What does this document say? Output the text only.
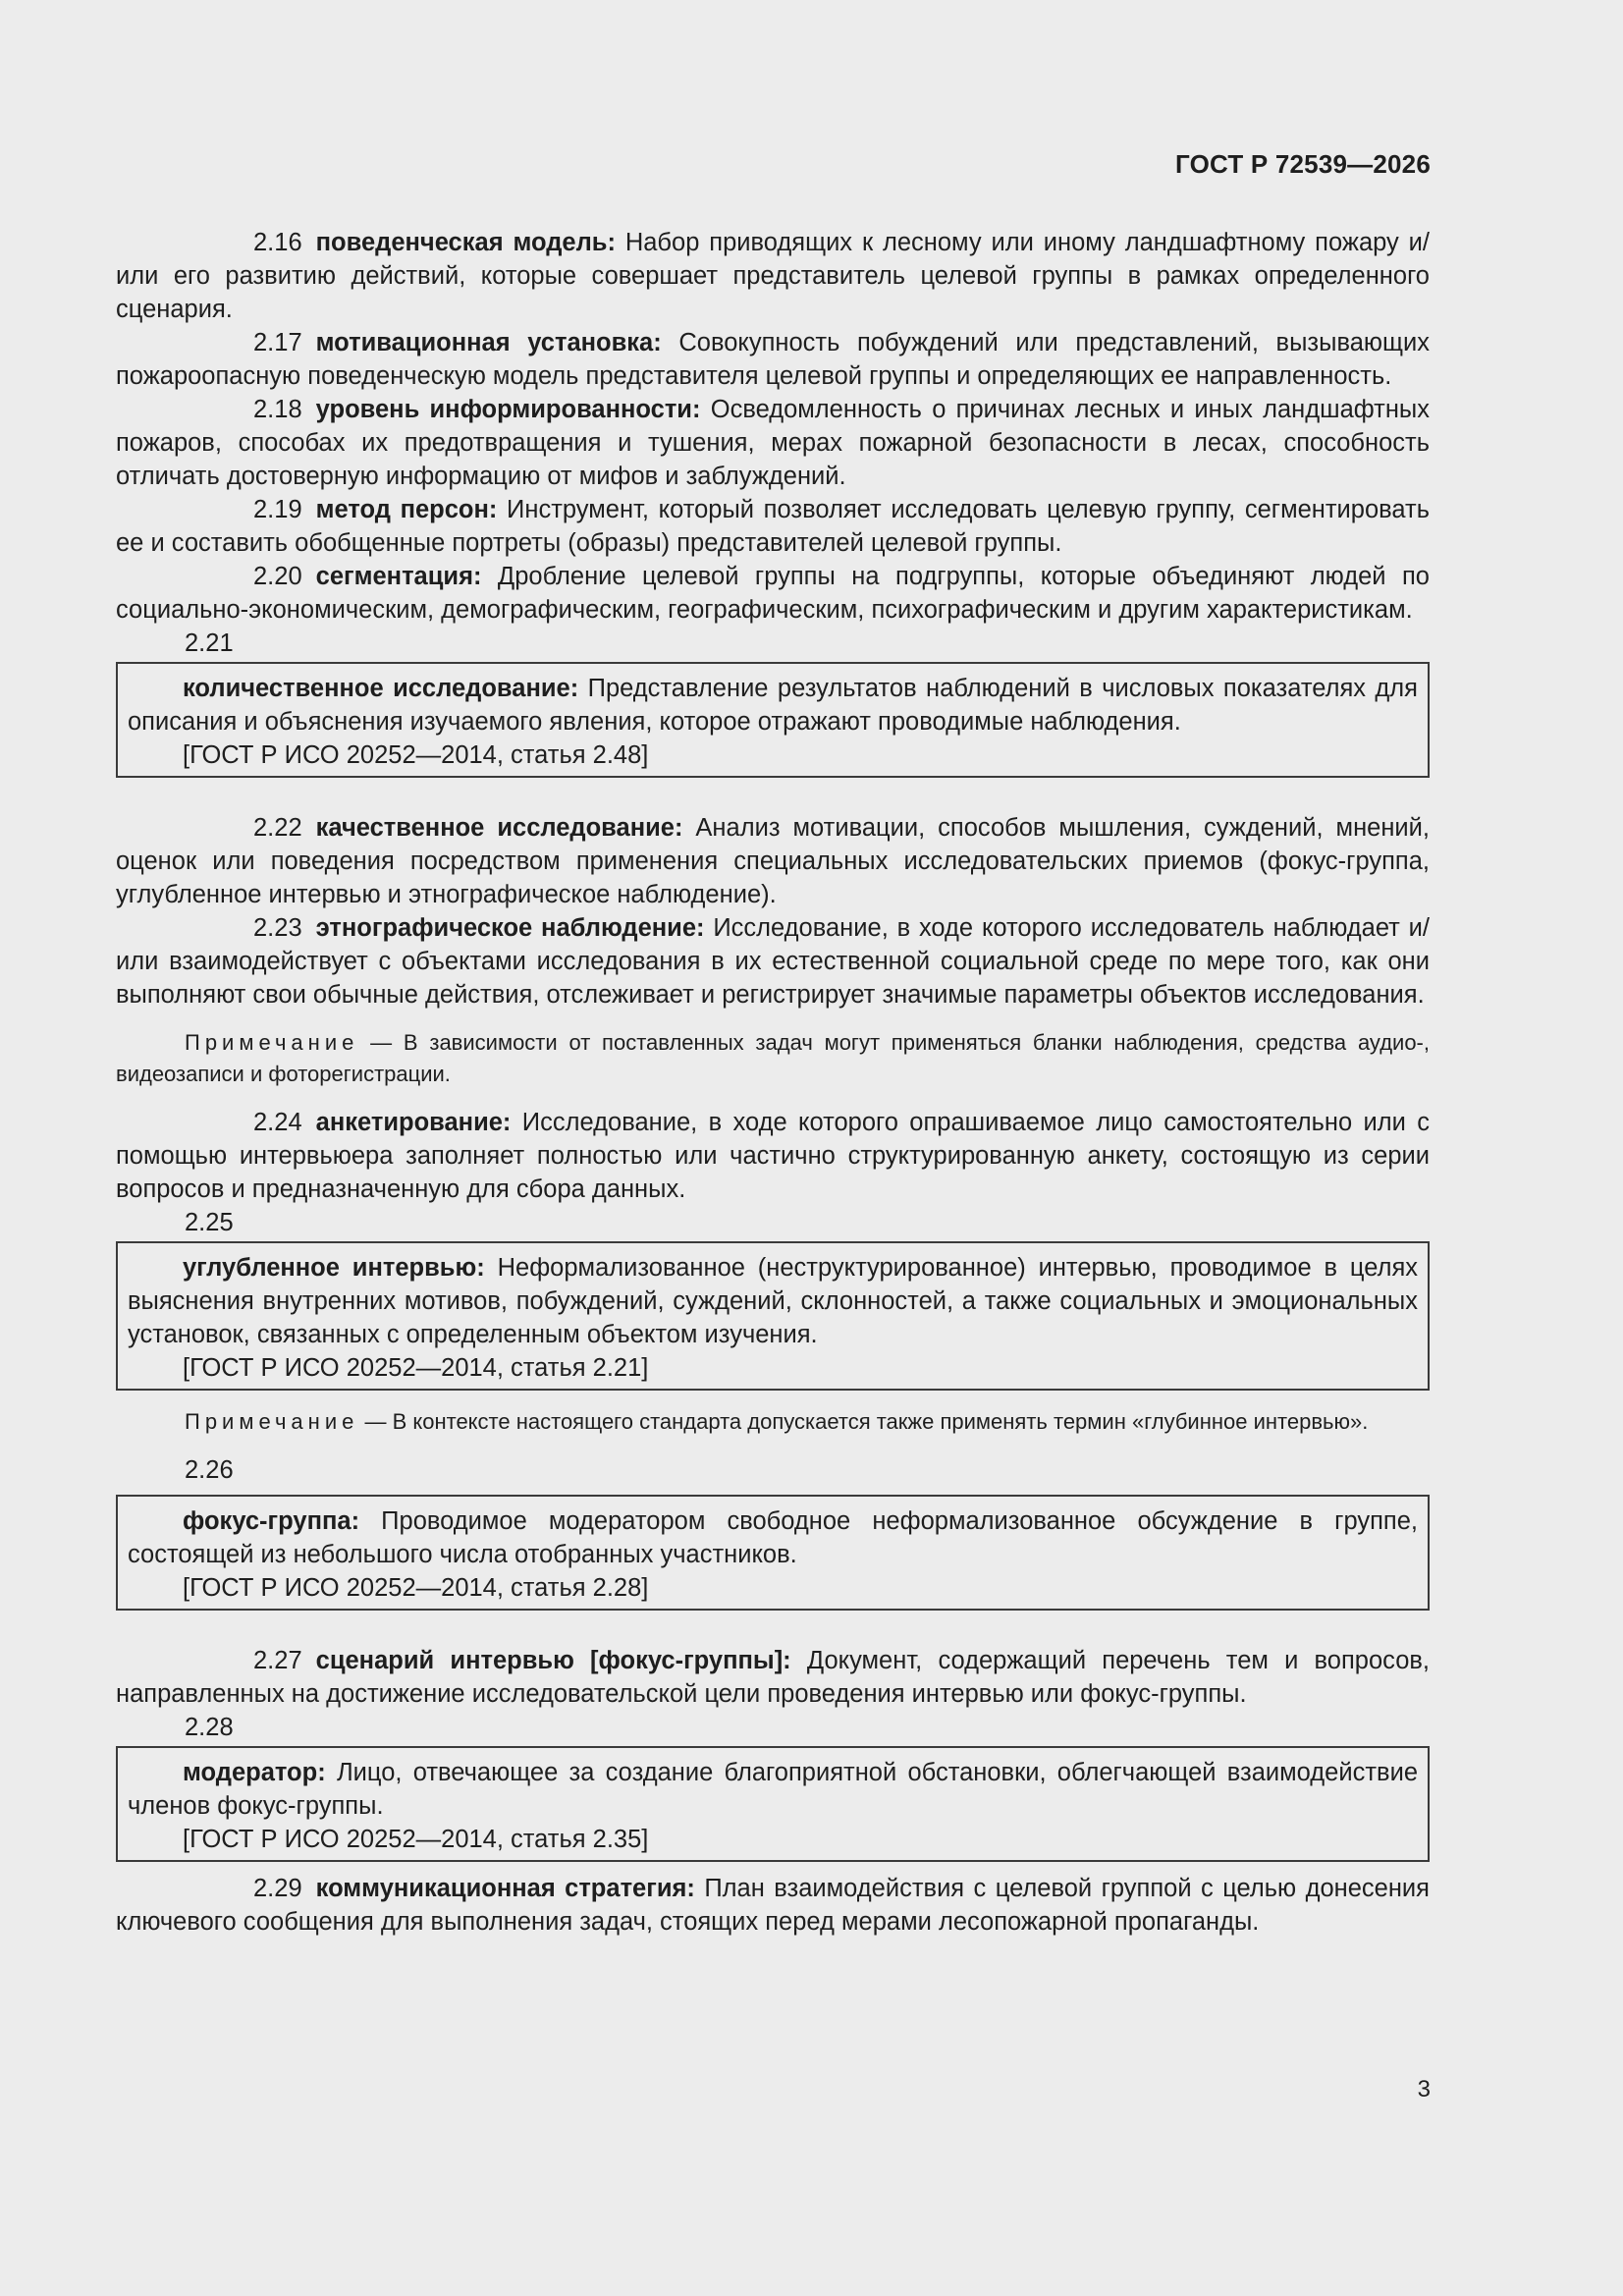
ГОСТ Р 72539—2026

2.16 поведенческая модель: Набор приводящих к лесному или иному ландшафтному пожару и/или его развитию действий, которые совершает представитель целевой группы в рамках определенного сценария.

2.17 мотивационная установка: Совокупность побуждений или представлений, вызывающих пожароопасную поведенческую модель представителя целевой группы и определяющих ее направленность.

2.18 уровень информированности: Осведомленность о причинах лесных и иных ландшафтных пожаров, способах их предотвращения и тушения, мерах пожарной безопасности в лесах, способность отличать достоверную информацию от мифов и заблуждений.

2.19 метод персон: Инструмент, который позволяет исследовать целевую группу, сегментировать ее и составить обобщенные портреты (образы) представителей целевой группы.

2.20 сегментация: Дробление целевой группы на подгруппы, которые объединяют людей по социально-экономическим, демографическим, географическим, психографическим и другим характеристикам.

2.21

количественное исследование: Представление результатов наблюдений в числовых показателях для описания и объяснения изучаемого явления, которое отражают проводимые наблюдения.

[ГОСТ Р ИСО 20252—2014, статья 2.48]

2.22 качественное исследование: Анализ мотивации, способов мышления, суждений, мнений, оценок или поведения посредством применения специальных исследовательских приемов (фокус-группа, углубленное интервью и этнографическое наблюдение).

2.23 этнографическое наблюдение: Исследование, в ходе которого исследователь наблюдает и/или взаимодействует с объектами исследования в их естественной социальной среде по мере того, как они выполняют свои обычные действия, отслеживает и регистрирует значимые параметры объектов исследования.

Примечание — В зависимости от поставленных задач могут применяться бланки наблюдения, средства аудио-, видеозаписи и фоторегистрации.

2.24 анкетирование: Исследование, в ходе которого опрашиваемое лицо самостоятельно или с помощью интервьюера заполняет полностью или частично структурированную анкету, состоящую из серии вопросов и предназначенную для сбора данных.

2.25

углубленное интервью: Неформализованное (неструктурированное) интервью, проводимое в целях выяснения внутренних мотивов, побуждений, суждений, склонностей, а также социальных и эмоциональных установок, связанных с определенным объектом изучения.

[ГОСТ Р ИСО 20252—2014, статья 2.21]

Примечание — В контексте настоящего стандарта допускается также применять термин «глубинное интервью».

2.26

фокус-группа: Проводимое модератором свободное неформализованное обсуждение в группе, состоящей из небольшого числа отобранных участников.

[ГОСТ Р ИСО 20252—2014, статья 2.28]

2.27 сценарий интервью [фокус-группы]: Документ, содержащий перечень тем и вопросов, направленных на достижение исследовательской цели проведения интервью или фокус-группы.

2.28

модератор: Лицо, отвечающее за создание благоприятной обстановки, облегчающей взаимодействие членов фокус-группы.

[ГОСТ Р ИСО 20252—2014, статья 2.35]

2.29 коммуникационная стратегия: План взаимодействия с целевой группой с целью донесения ключевого сообщения для выполнения задач, стоящих перед мерами лесопожарной пропаганды.

3
